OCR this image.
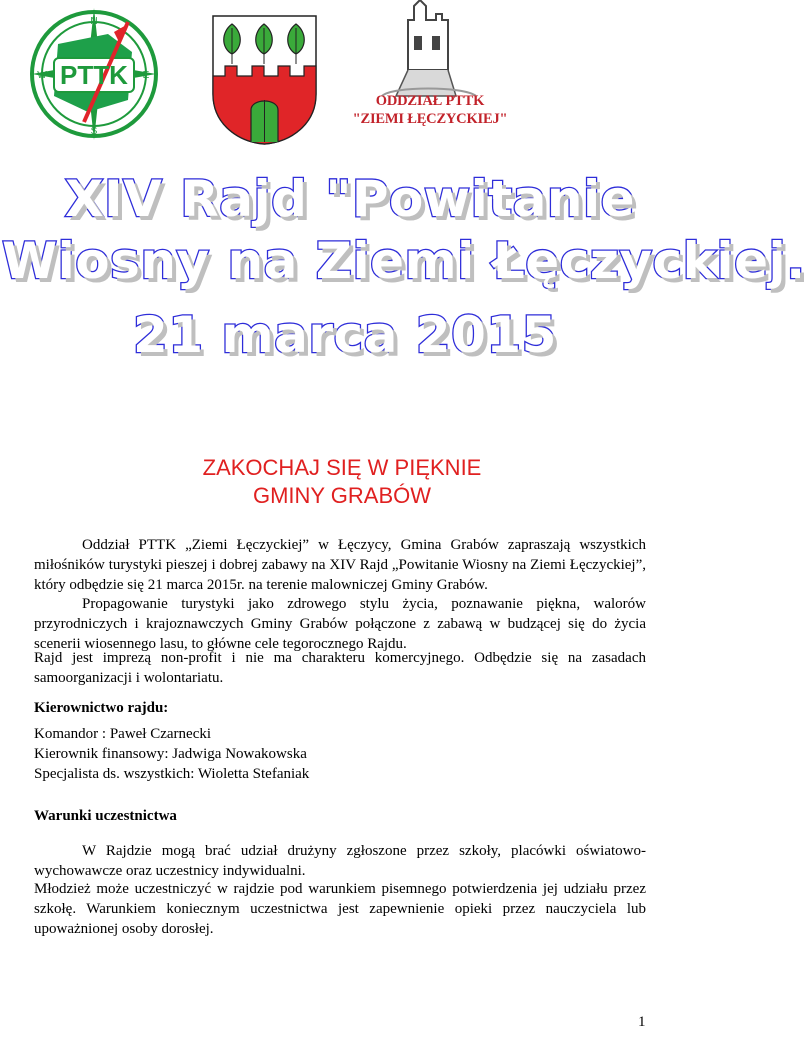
PTTK
N
E
S
W
ODDZIAŁ PTTK
"ZIEMI ŁĘCZYCKIEJ"
XIV Rajd "Powitanie
Wiosny na Ziemi Łęczyckiej.
21 marca 2015
ZAKOCHAJ SIĘ W PIĘKNIE
GMINY GRABÓW
Oddział PTTK „Ziemi Łęczyckiej” w Łęczycy, Gmina Grabów zapraszają wszystkich miłośników turystyki pieszej i dobrej zabawy na XIV Rajd „Powitanie Wiosny na Ziemi Łęczyckiej”, który odbędzie się 21 marca 2015r. na terenie malowniczej Gminy Grabów.
Propagowanie turystyki jako zdrowego stylu życia, poznawanie piękna, walorów przyrodniczych i krajoznawczych Gminy Grabów połączone z zabawą w budzącej się do życia scenerii wiosennego lasu, to główne cele tegorocznego Rajdu.
Rajd jest imprezą non-profit i nie ma charakteru komercyjnego. Odbędzie się na zasadach samoorganizacji i wolontariatu.
Kierownictwo rajdu:
Komandor : Paweł Czarnecki
Kierownik finansowy: Jadwiga Nowakowska
Specjalista ds. wszystkich: Wioletta Stefaniak
Warunki uczestnictwa
W Rajdzie mogą brać udział drużyny zgłoszone przez szkoły, placówki oświatowo-wychowawcze oraz uczestnicy indywidualni.
Młodzież może uczestniczyć w rajdzie pod warunkiem pisemnego potwierdzenia jej udziału przez szkołę. Warunkiem koniecznym uczestnictwa jest zapewnienie opieki przez nauczyciela lub upoważnionej osoby dorosłej.
1
